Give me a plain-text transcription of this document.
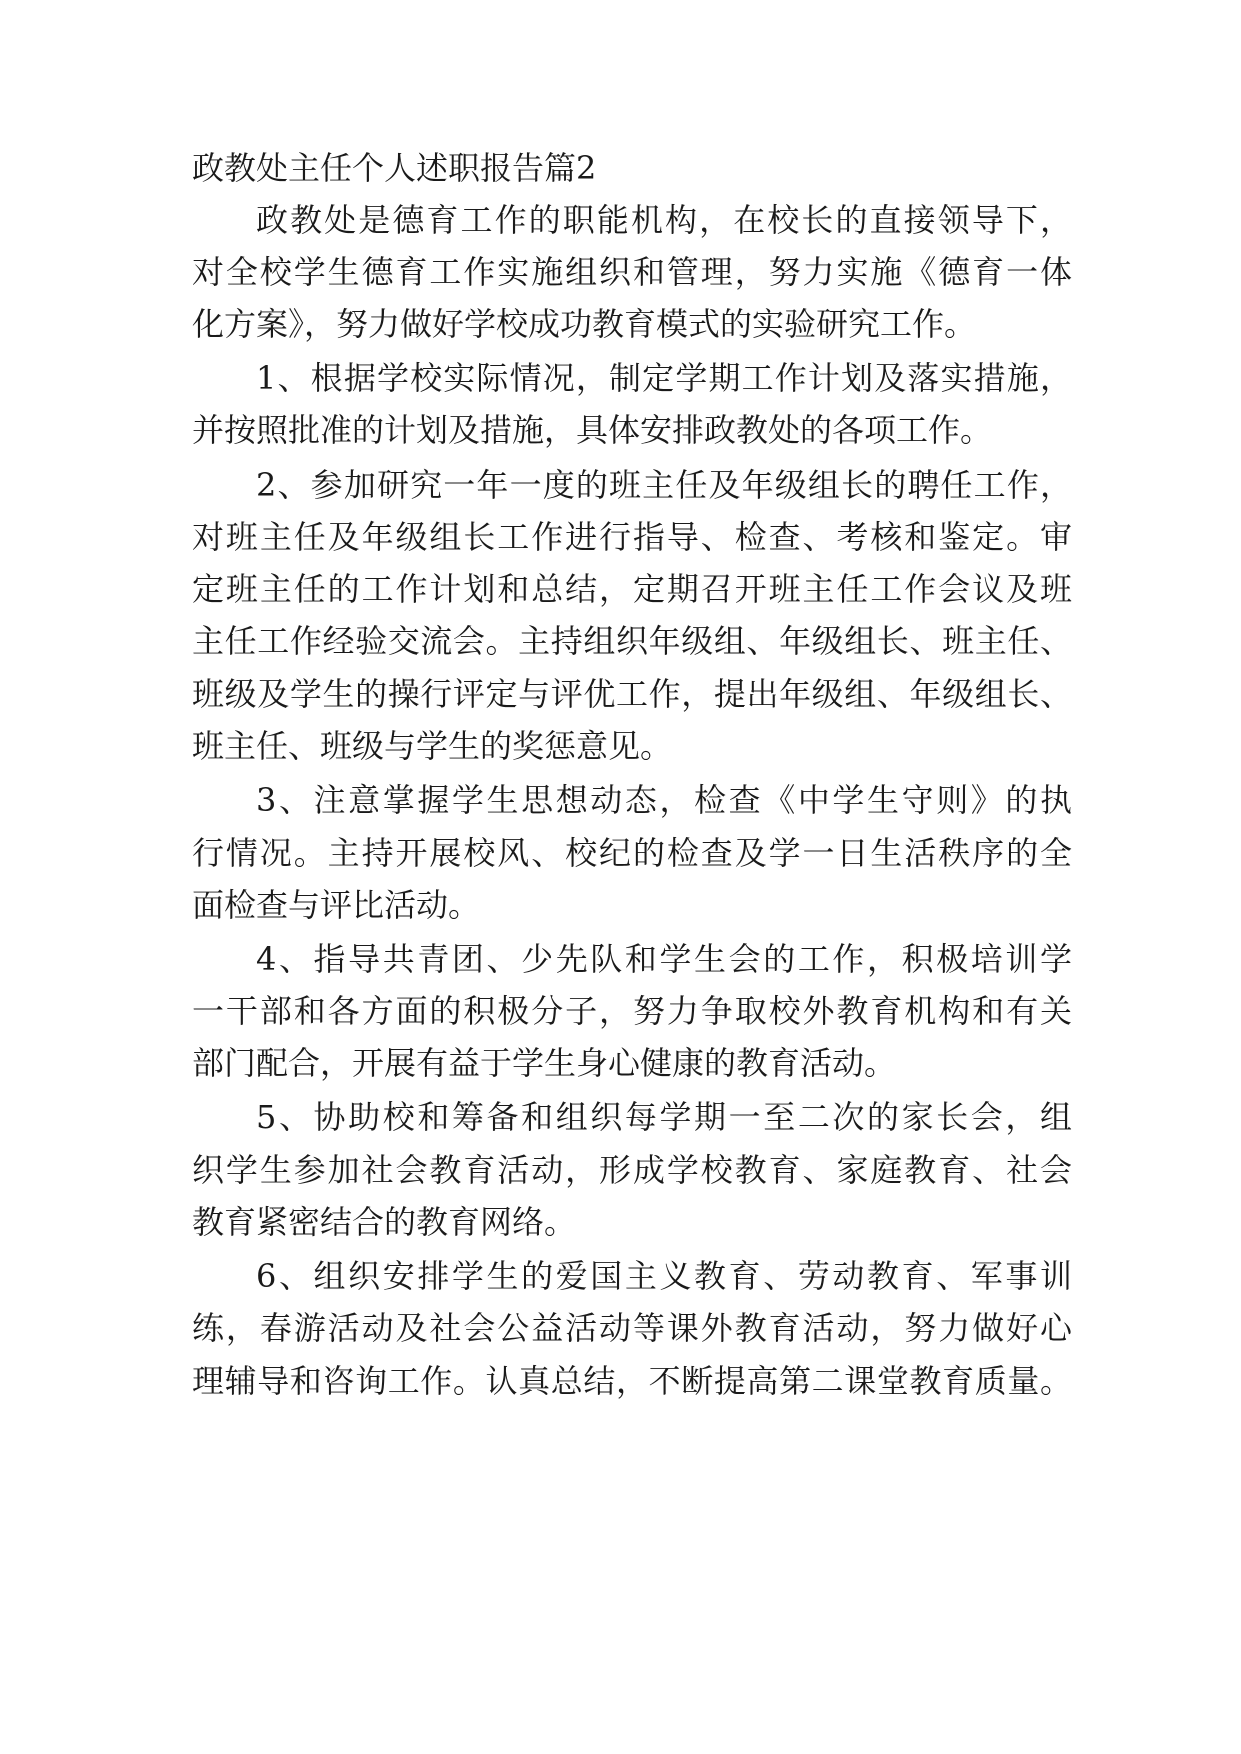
政教处主任个人述职报告篇2
政教处是德育工作的职能机构，在校长的直接领导下，
对全校学生德育工作实施组织和管理，努力实施《德育一体
化方案》，努力做好学校成功教育模式的实验研究工作。
1、根据学校实际情况，制定学期工作计划及落实措施，
并按照批准的计划及措施，具体安排政教处的各项工作。
2、参加研究一年一度的班主任及年级组长的聘任工作，
对班主任及年级组长工作进行指导、检查、考核和鉴定。审
定班主任的工作计划和总结，定期召开班主任工作会议及班
主任工作经验交流会。主持组织年级组、年级组长、班主任、
班级及学生的操行评定与评优工作，提出年级组、年级组长、
班主任、班级与学生的奖惩意见。
3、注意掌握学生思想动态，检查《中学生守则》的执
行情况。主持开展校风、校纪的检查及学一日生活秩序的全
面检查与评比活动。
4、指导共青团、少先队和学生会的工作，积极培训学
一干部和各方面的积极分子，努力争取校外教育机构和有关
部门配合，开展有益于学生身心健康的教育活动。
5、协助校和筹备和组织每学期一至二次的家长会，组
织学生参加社会教育活动，形成学校教育、家庭教育、社会
教育紧密结合的教育网络。
6、组织安排学生的爱国主义教育、劳动教育、军事训
练，春游活动及社会公益活动等课外教育活动，努力做好心
理辅导和咨询工作。认真总结，不断提高第二课堂教育质量。
